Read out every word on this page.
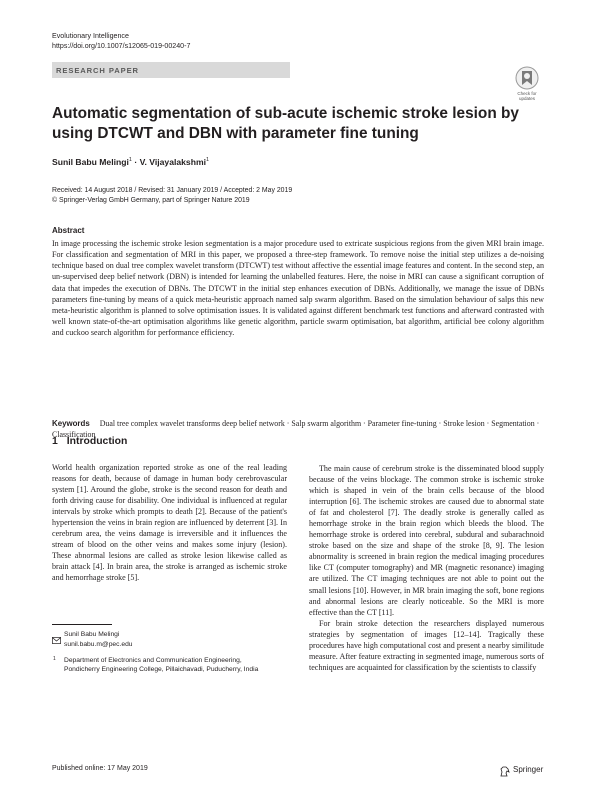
Evolutionary Intelligence
https://doi.org/10.1007/s12065-019-00240-7
RESEARCH PAPER
Check for updates
Automatic segmentation of sub-acute ischemic stroke lesion by using DTCWT and DBN with parameter fine tuning
Sunil Babu Melingi$^1$ · V. Vijayalakshmi$^1$
Received: 14 August 2018 / Revised: 31 January 2019 / Accepted: 2 May 2019
© Springer-Verlag GmbH Germany, part of Springer Nature 2019
Abstract
In image processing the ischemic stroke lesion segmentation is a major procedure used to extricate suspicious regions from the given MRI brain image. For classification and segmentation of MRI in this paper, we proposed a three-step framework. To remove noise the initial step utilizes a de-noising technique based on dual tree complex wavelet transform (DTCWT) test without affective the essential image features and content. In the second step, an un-supervised deep belief network (DBN) is intended for learning the unlabelled features. Here, the noise in MRI can cause a significant corruption of data that impedes the execution of DBNs. The DTCWT in the initial step enhances execution of DBNs. Additionally, we manage the issue of DBNs parameters fine-tuning by means of a quick meta-heuristic approach named salp swarm algorithm. Based on the simulation behaviour of salps this new meta-heuristic algorithm is planned to solve optimisation issues. It is validated against different benchmark test functions and afterward contrasted with well known state-of-the-art optimisation algorithms like genetic algorithm, particle swarm optimisation, bat algorithm, artificial bee colony algorithm and cuckoo search algorithm for performance efficiency.
Keywords Dual tree complex wavelet transforms deep belief network · Salp swarm algorithm · Parameter fine-tuning · Stroke lesion · Segmentation · Classification
1 Introduction

World health organization reported stroke as one of the real leading reasons for death, because of damage in human body cerebrovascular system [1]. Around the globe, stroke is the second reason for death and forth driving cause for disability. One individual is influenced at regular intervals by stroke which prompts to death [2]. Because of the patient's hypertension the veins in brain region are influenced by deterrent [3]. In cerebrum area, the veins damage is irreversible and it influences the stream of blood on the other veins and makes some injury (lesion). These abnormal lesions are called as stroke lesion likewise called as brain attack [4]. In brain area, the stroke is arranged as ischemic stroke and hemorrhage stroke [5].

The main cause of cerebrum stroke is the disseminated blood supply because of the veins blockage. The common stroke is ischemic stroke which is shaped in vein of the brain cells because of the blood interruption [6]. The ischemic strokes are caused due to abnormal state of fat and cholesterol [7]. The deadly stroke is generally called as hemorrhage stroke in the brain region which bleeds the blood. The hemorrhage stroke is ordered into cerebral, subdural and subarachnoid stroke based on the size and shape of the stroke [8, 9]. The lesion abnormality is screened in brain region the medical imaging procedures like CT (computer tomography) and MR (magnetic resonance) imaging are utilized. The CT imaging techniques are not able to point out the small lesions [10]. However, in MR brain imaging the soft, bone regions and abnormal lesions are clearly noticeable. So the MRI is more effective than the CT [11].

For brain stroke detection the researchers displayed numerous strategies by segmentation of images [12–14]. Tragically these procedures have high computational cost and present a nearby similitude measure. After feature extracting in segmented image, numerous sorts of techniques are acquainted for classification by the scientists to classify

Sunil Babu Melingi
sunil.babu.m@pec.edu
1 Department of Electronics and Communication Engineering, Pondicherry Engineering College, Pillaichavadi, Puducherry, India
Published online: 17 May 2019	Springer
